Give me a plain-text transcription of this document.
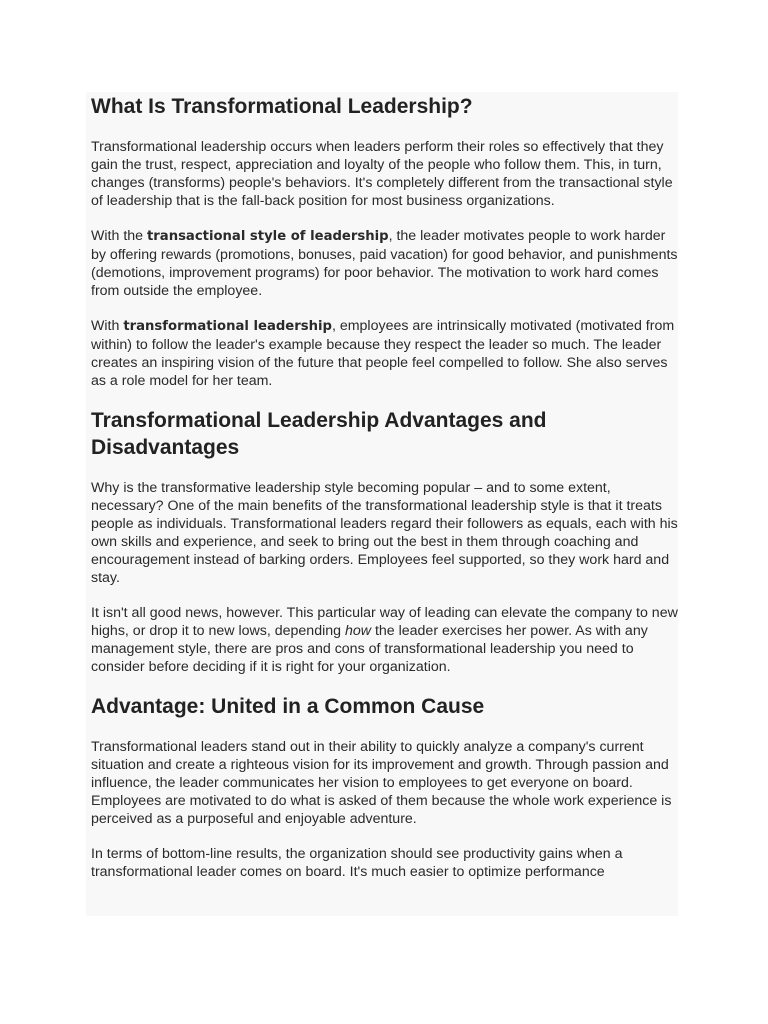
What Is Transformational Leadership?

Transformational leadership occurs when leaders perform their roles so effectively that they gain the trust, respect, appreciation and loyalty of the people who follow them. This, in turn, changes (transforms) people's behaviors. It's completely different from the transactional style of leadership that is the fall-back position for most business organizations.

With the transactional style of leadership, the leader motivates people to work harder by offering rewards (promotions, bonuses, paid vacation) for good behavior, and punishments (demotions, improvement programs) for poor behavior. The motivation to work hard comes from outside the employee.

With transformational leadership, employees are intrinsically motivated (motivated from within) to follow the leader's example because they respect the leader so much. The leader creates an inspiring vision of the future that people feel compelled to follow. She also serves as a role model for her team.

Transformational Leadership Advantages and Disadvantages

Why is the transformative leadership style becoming popular – and to some extent, necessary? One of the main benefits of the transformational leadership style is that it treats people as individuals. Transformational leaders regard their followers as equals, each with his own skills and experience, and seek to bring out the best in them through coaching and encouragement instead of barking orders. Employees feel supported, so they work hard and stay.

It isn't all good news, however. This particular way of leading can elevate the company to new highs, or drop it to new lows, depending how the leader exercises her power. As with any management style, there are pros and cons of transformational leadership you need to consider before deciding if it is right for your organization.

Advantage: United in a Common Cause

Transformational leaders stand out in their ability to quickly analyze a company's current situation and create a righteous vision for its improvement and growth. Through passion and influence, the leader communicates her vision to employees to get everyone on board. Employees are motivated to do what is asked of them because the whole work experience is perceived as a purposeful and enjoyable adventure.

In terms of bottom-line results, the organization should see productivity gains when a transformational leader comes on board. It's much easier to optimize performance
